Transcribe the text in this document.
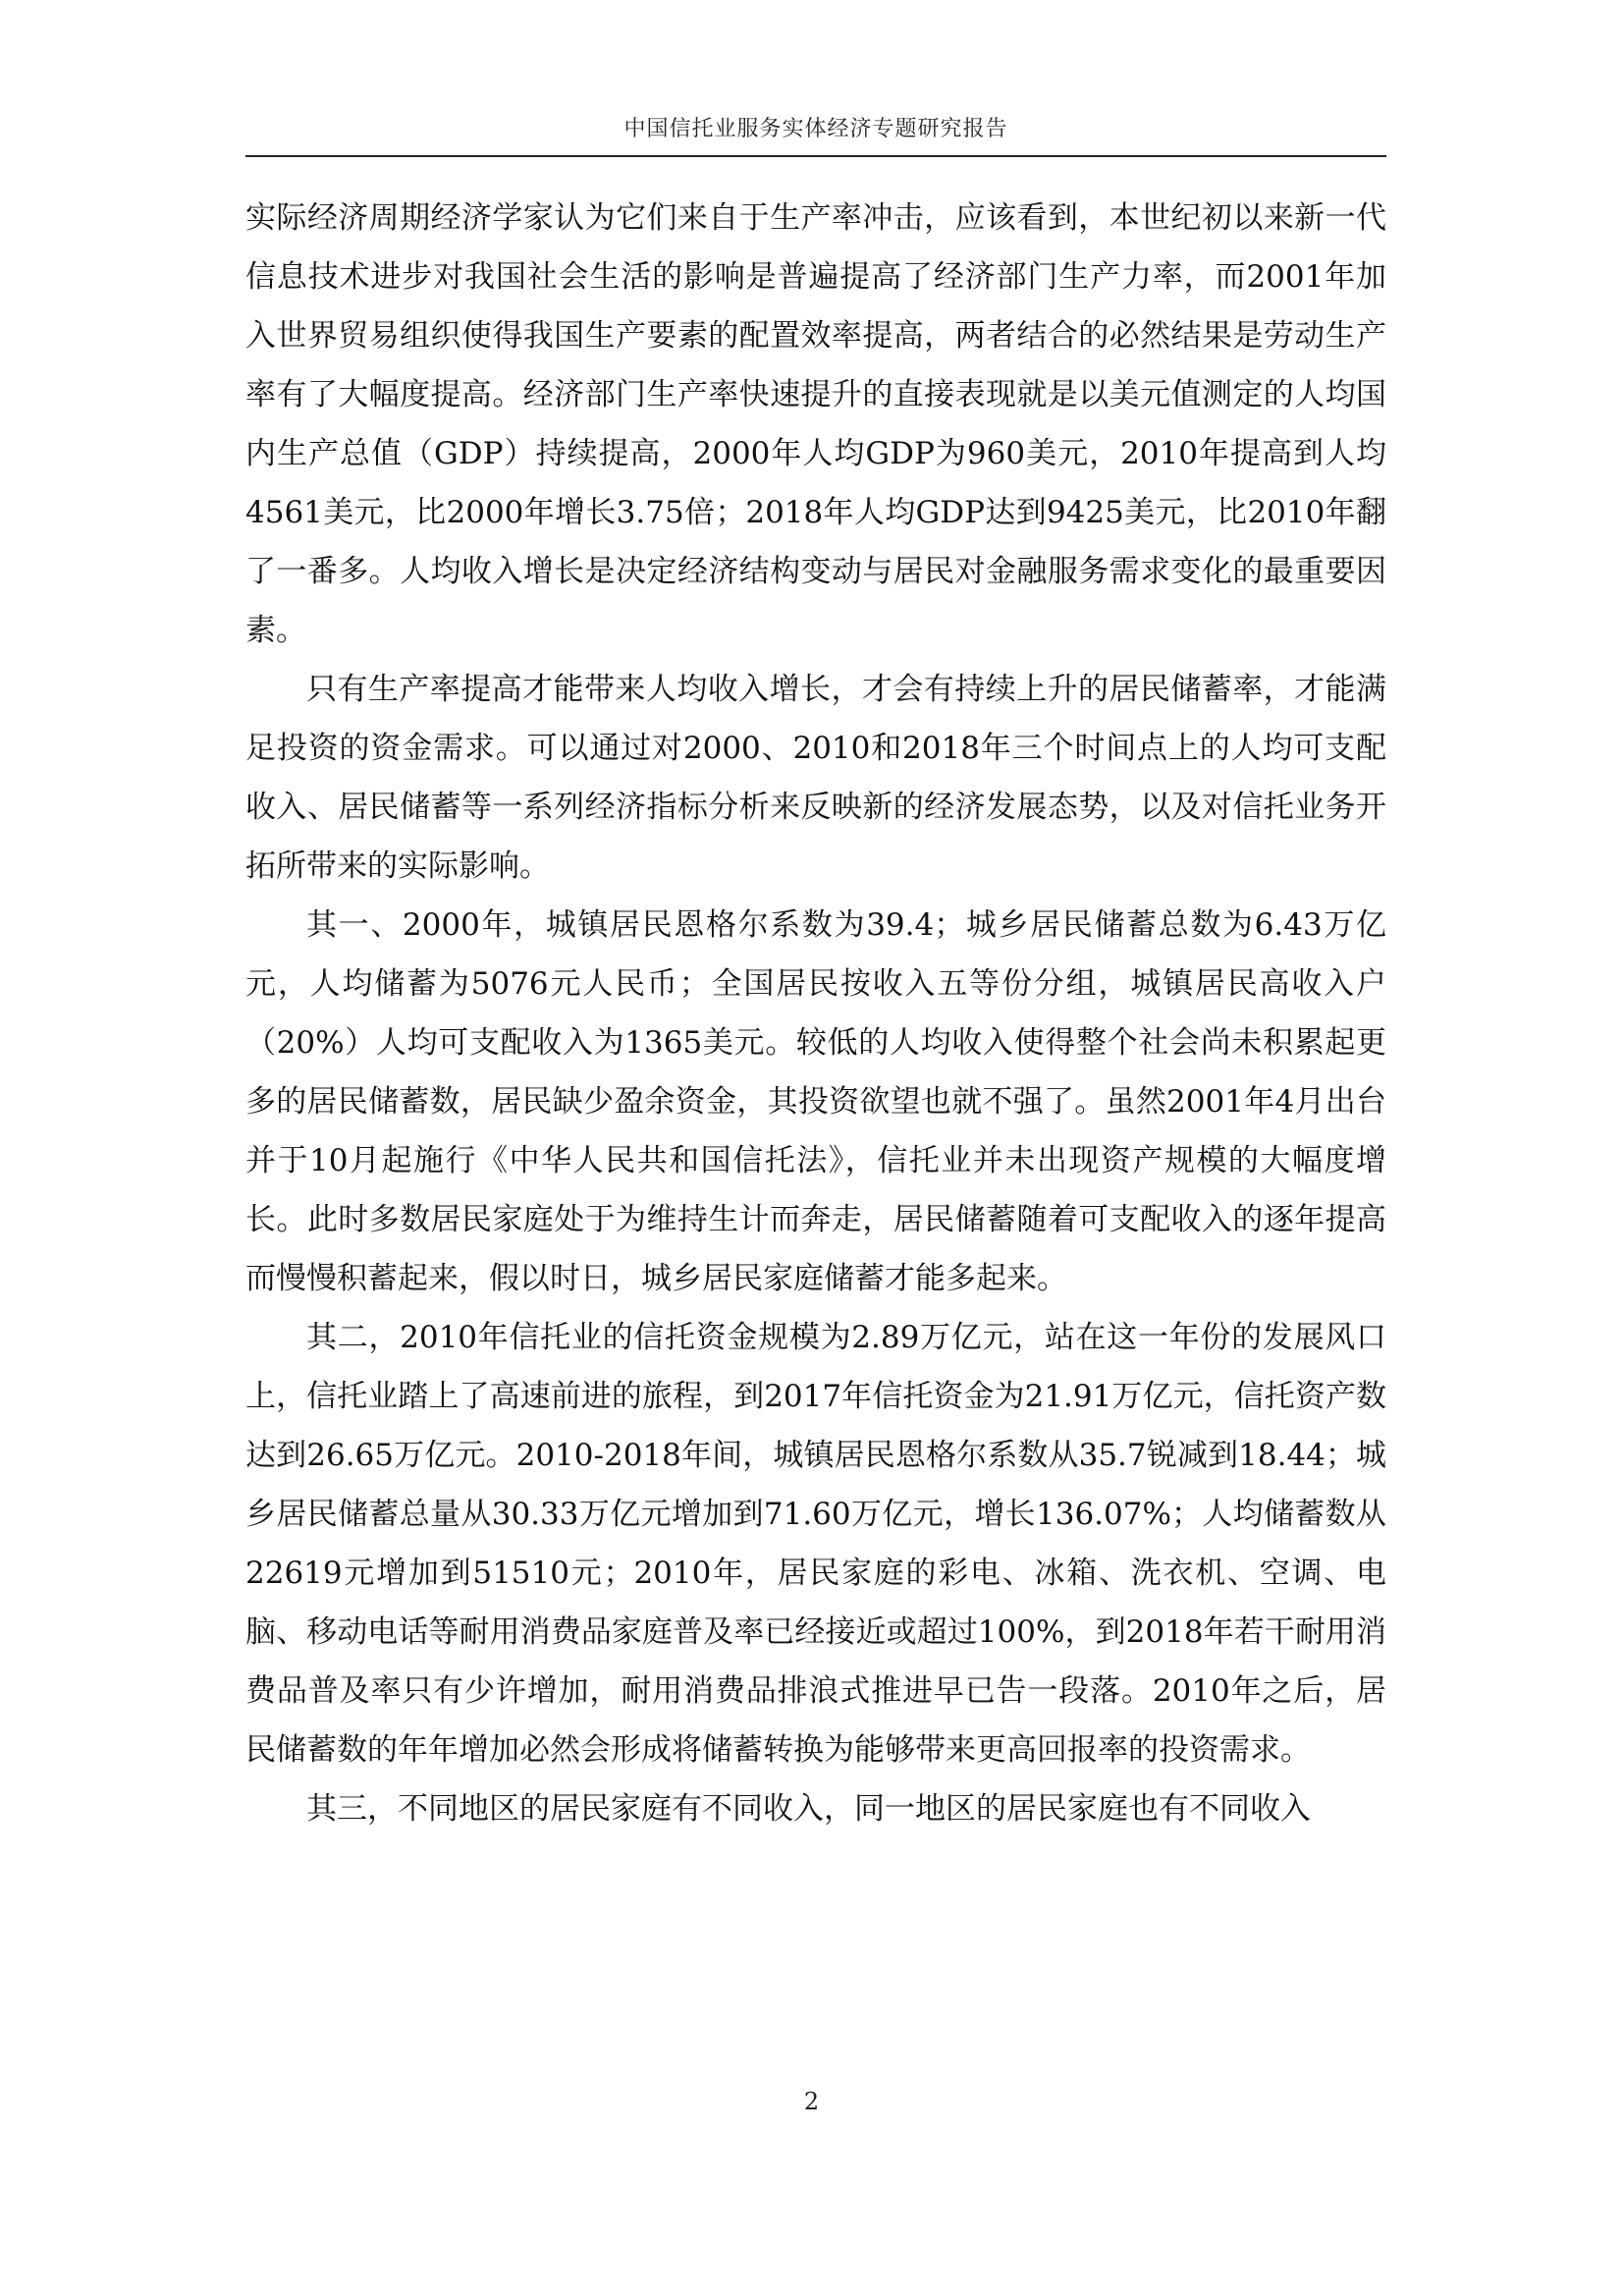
中国信托业服务实体经济专题研究报告

实际经济周期经济学家认为它们来自于生产率冲击，应该看到，本世纪初以来新一代信息技术进步对我国社会生活的影响是普遍提高了经济部门生产力率，而2001年加入世界贸易组织使得我国生产要素的配置效率提高，两者结合的必然结果是劳动生产率有了大幅度提高。经济部门生产率快速提升的直接表现就是以美元值测定的人均国内生产总值（GDP）持续提高，2000年人均GDP为960美元，2010年提高到人均4561美元，比2000年增长3.75倍；2018年人均GDP达到9425美元，比2010年翻了一番多。人均收入增长是决定经济结构变动与居民对金融服务需求变化的最重要因素。

只有生产率提高才能带来人均收入增长，才会有持续上升的居民储蓄率，才能满足投资的资金需求。可以通过对2000、2010和2018年三个时间点上的人均可支配收入、居民储蓄等一系列经济指标分析来反映新的经济发展态势，以及对信托业务开拓所带来的实际影响。

其一、2000年，城镇居民恩格尔系数为39.4；城乡居民储蓄总数为6.43万亿元，人均储蓄为5076元人民币；全国居民按收入五等份分组，城镇居民高收入户（20%）人均可支配收入为1365美元。较低的人均收入使得整个社会尚未积累起更多的居民储蓄数，居民缺少盈余资金，其投资欲望也就不强了。虽然2001年4月出台并于10月起施行《中华人民共和国信托法》，信托业并未出现资产规模的大幅度增长。此时多数居民家庭处于为维持生计而奔走，居民储蓄随着可支配收入的逐年提高而慢慢积蓄起来，假以时日，城乡居民家庭储蓄才能多起来。

其二，2010年信托业的信托资金规模为2.89万亿元，站在这一年份的发展风口上，信托业踏上了高速前进的旅程，到2017年信托资金为21.91万亿元，信托资产数达到26.65万亿元。2010-2018年间，城镇居民恩格尔系数从35.7锐减到18.44；城乡居民储蓄总量从30.33万亿元增加到71.60万亿元，增长136.07%；人均储蓄数从22619元增加到51510元；2010年，居民家庭的彩电、冰箱、洗衣机、空调、电脑、移动电话等耐用消费品家庭普及率已经接近或超过100%，到2018年若干耐用消费品普及率只有少许增加，耐用消费品排浪式推进早已告一段落。2010年之后，居民储蓄数的年年增加必然会形成将储蓄转换为能够带来更高回报率的投资需求。

其三，不同地区的居民家庭有不同收入，同一地区的居民家庭也有不同收入

2
